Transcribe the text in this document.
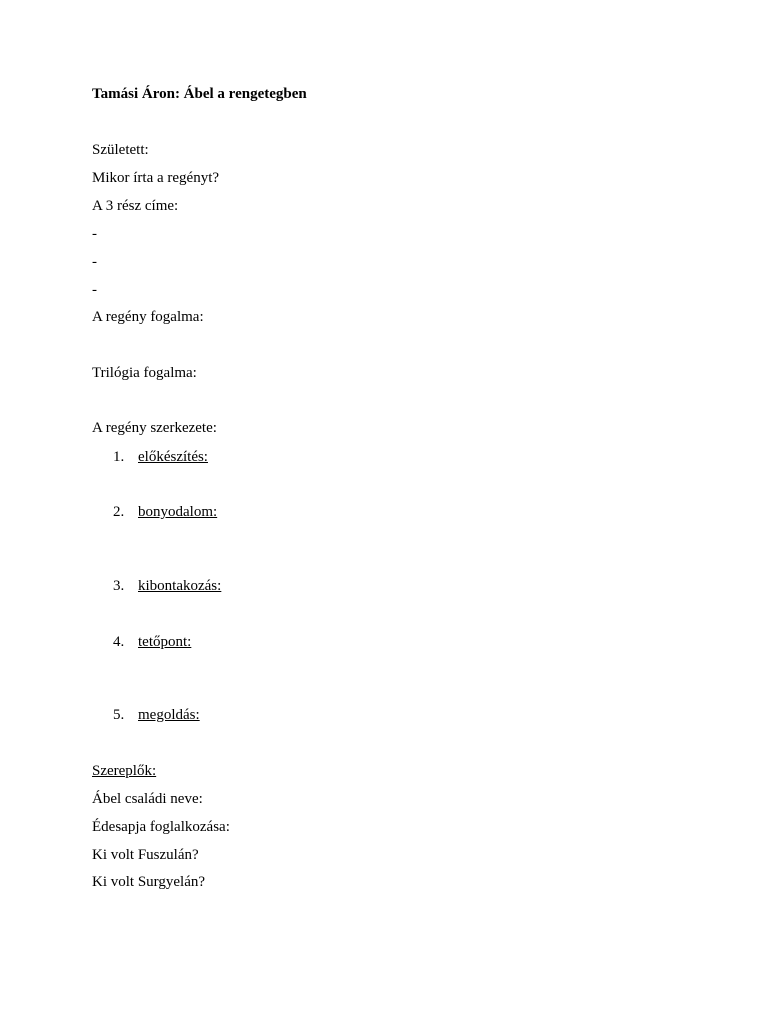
Tamási Áron: Ábel a rengetegben
Született:
Mikor írta a regényt?
A 3 rész címe:
-
-
-
A regény fogalma:
Trilógia fogalma:
A regény szerkezete:
1. előkészítés:
2. bonyodalom:
3. kibontakozás:
4. tetőpont:
5. megoldás:
Szereplők:
Ábel családi neve:
Édesapja foglalkozása:
Ki volt Fuszulán?
Ki volt Surgyelán?
